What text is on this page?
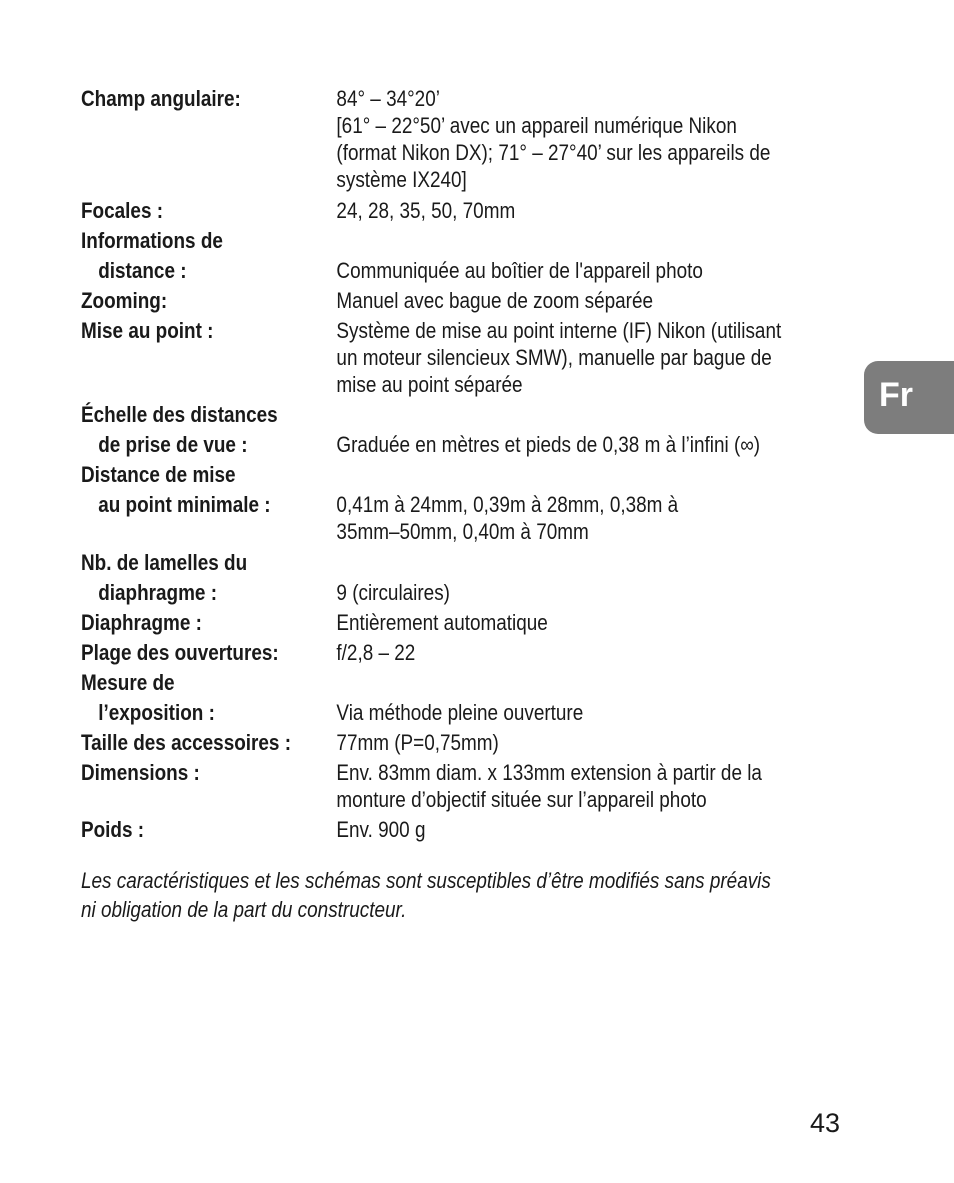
Champ angulaire:	84° – 34°20’
[61° – 22°50’ avec un appareil numérique Nikon
(format Nikon DX); 71° – 27°40’ sur les appareils de
système IX240]
Focales :	24, 28, 35, 50, 70mm
Informations de
distance :	Communiquée au boîtier de l'appareil photo
Zooming:	Manuel avec bague de zoom séparée
Mise au point :	Système de mise au point interne (IF) Nikon (utilisant
un moteur silencieux SMW), manuelle par bague de
mise au point séparée
Échelle des distances
de prise de vue :	Graduée en mètres et pieds de 0,38 m à l’infini (∞)
Distance de mise
au point minimale :	0,41m à 24mm, 0,39m à 28mm, 0,38m à
35mm–50mm, 0,40m à 70mm
Nb. de lamelles du
diaphragme :	9 (circulaires)
Diaphragme :	Entièrement automatique
Plage des ouvertures:	f/2,8 – 22
Mesure de
l’exposition :	Via méthode pleine ouverture
Taille des accessoires : 77mm (P=0,75mm)
Dimensions :	Env. 83mm diam. x 133mm extension à partir de la
monture d’objectif située sur l’appareil photo
Poids :	Env. 900 g
Les caractéristiques et les schémas sont susceptibles d’être modifiés sans préavis
ni obligation de la part du constructeur.
Fr
43
